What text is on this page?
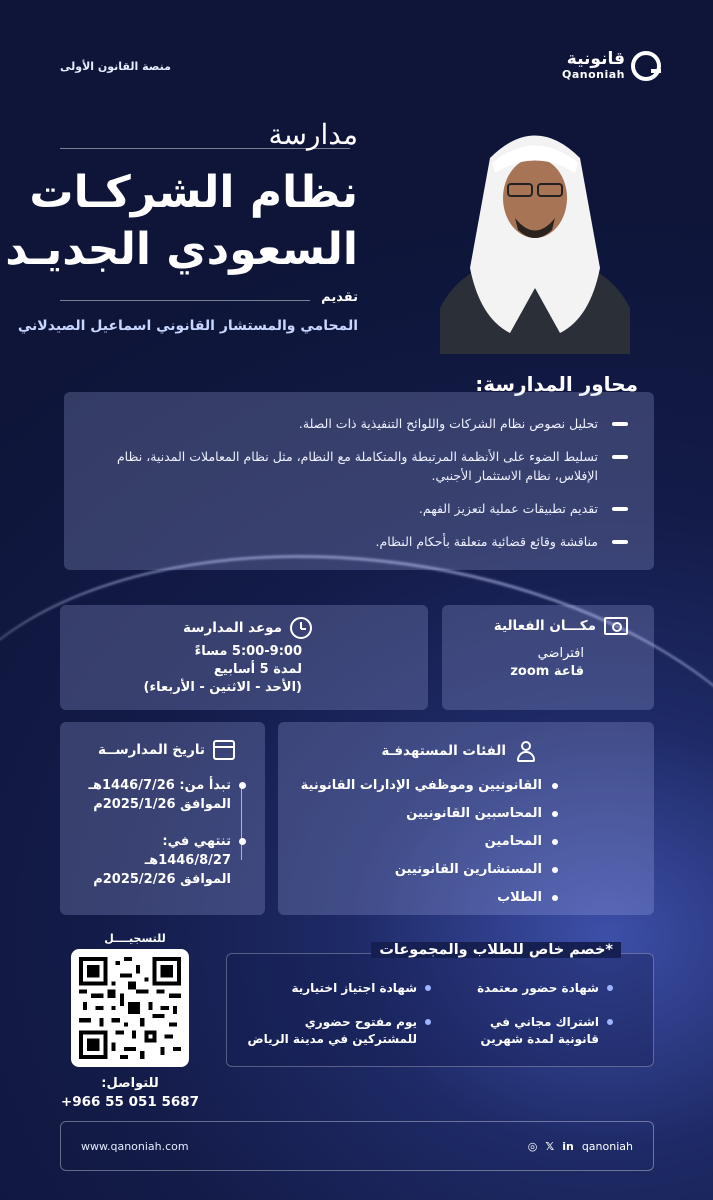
منصة القانون الأولى	قانونية
Qanoniah
مدارسة
نظام الشركـات
السعودي الجديـد
تقديم
المحامي والمستشار القانوني اسماعيل الصيدلاني
محاور المدارسة:
تحليل نصوص نظام الشركات واللوائح التنفيذية ذات الصلة.
تسليط الضوء على الأنظمة المرتبطة والمتكاملة مع النظام، مثل نظام المعاملات المدنية، نظام الإفلاس، نظام الاستثمار الأجنبي.
تقديم تطبيقات عملية لتعزيز الفهم.
مناقشة وقائع قضائية متعلقة بأحكام النظام.
موعد المدارسة
5:00-9:00 مساءً
لمدة 5 أسابيع
(الأحد - الاثنين - الأربعاء)
مكـــان الفعالية
افتراضي
قاعة zoom
تاريخ المدارســة
تبدأ من: 1446/7/26هـ
الموافق 2025/1/26م
تنتهي في: 1446/8/27هـ
الموافق 2025/2/26م
الفئات المستهدفـة
القانونيين وموظفي الإدارات القانونية
المحاسبين القانونيين
المحامين
المستشارين القانونيين
الطلاب
شهادة حضور معتمدة
شهادة اجتياز اختيارية
اشتراك مجاني في قانونية لمدة شهرين
يوم مفتوح حضوري للمشتركين في مدينة الرياض
*خصم خاص للطلاب والمجموعات
للتسجيــــل
للتواصل:
+966 55 051 5687
www.qanoniah.com	◎ 𝕏 in qanoniah
